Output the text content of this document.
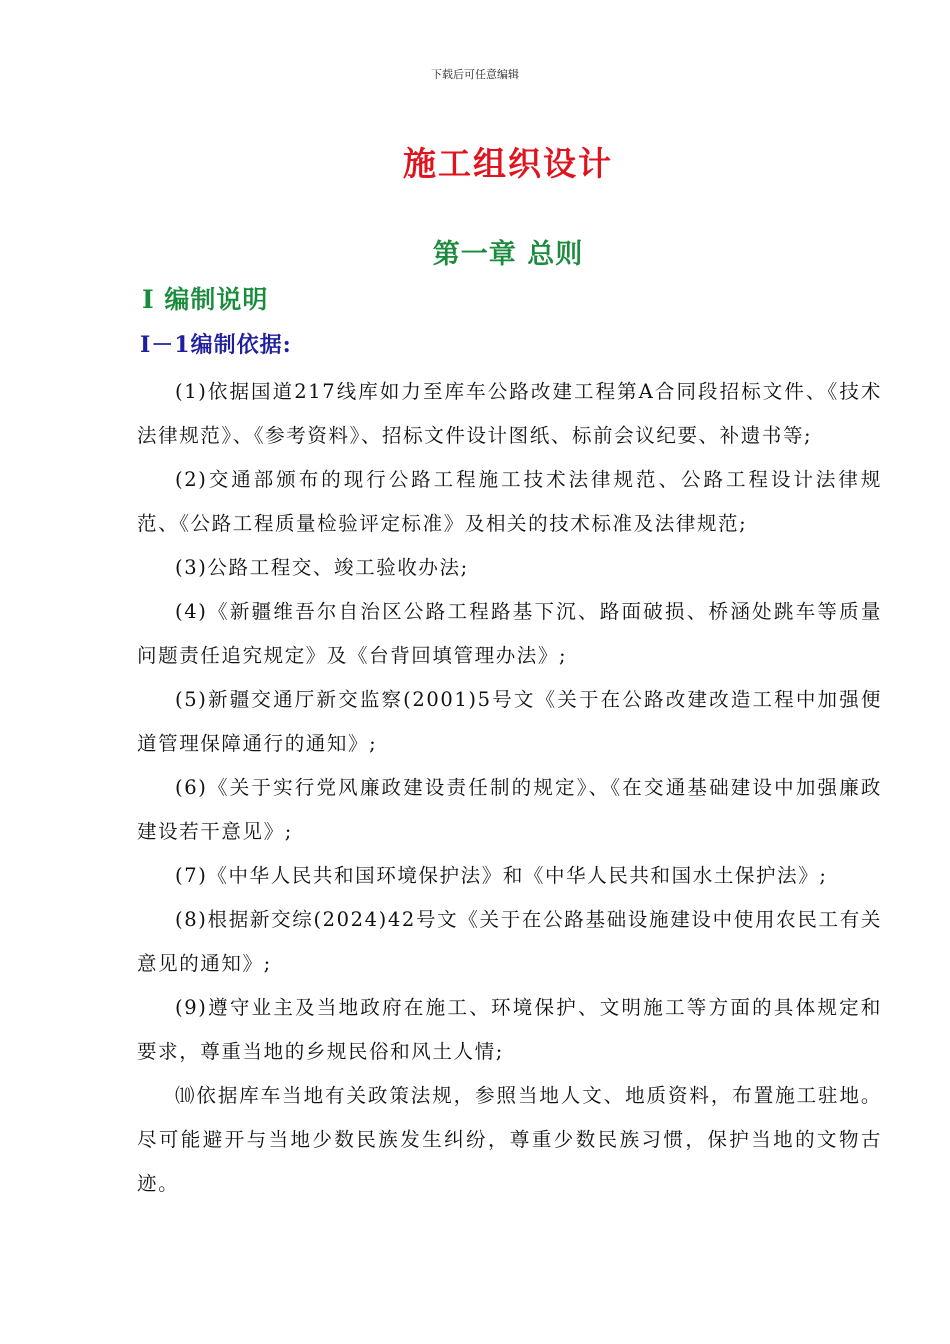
下载后可任意编辑
施工组织设计
第一章 总则
Ⅰ 编制说明
Ⅰ－1编制依据:

(1)依据国道217线库如力至库车公路改建工程第A合同段招标文件、《技术法律规范》、《参考资料》、招标文件设计图纸、标前会议纪要、补遗书等;

(2)交通部颁布的现行公路工程施工技术法律规范、公路工程设计法律规范、《公路工程质量检验评定标准》及相关的技术标准及法律规范;

(3)公路工程交、竣工验收办法;

(4)《新疆维吾尔自治区公路工程路基下沉、路面破损、桥涵处跳车等质量问题责任追究规定》及《台背回填管理办法》;

(5)新疆交通厅新交监察(2001)5号文《关于在公路改建改造工程中加强便道管理保障通行的通知》;

(6)《关于实行党风廉政建设责任制的规定》、《在交通基础建设中加强廉政建设若干意见》;

(7)《中华人民共和国环境保护法》和《中华人民共和国水土保护法》;

(8)根据新交综(2024)42号文《关于在公路基础设施建设中使用农民工有关意见的通知》;

(9)遵守业主及当地政府在施工、环境保护、文明施工等方面的具体规定和要求，尊重当地的乡规民俗和风土人情;

⑽依据库车当地有关政策法规，参照当地人文、地质资料，布置施工驻地。尽可能避开与当地少数民族发生纠纷，尊重少数民族习惯，保护当地的文物古迹。
